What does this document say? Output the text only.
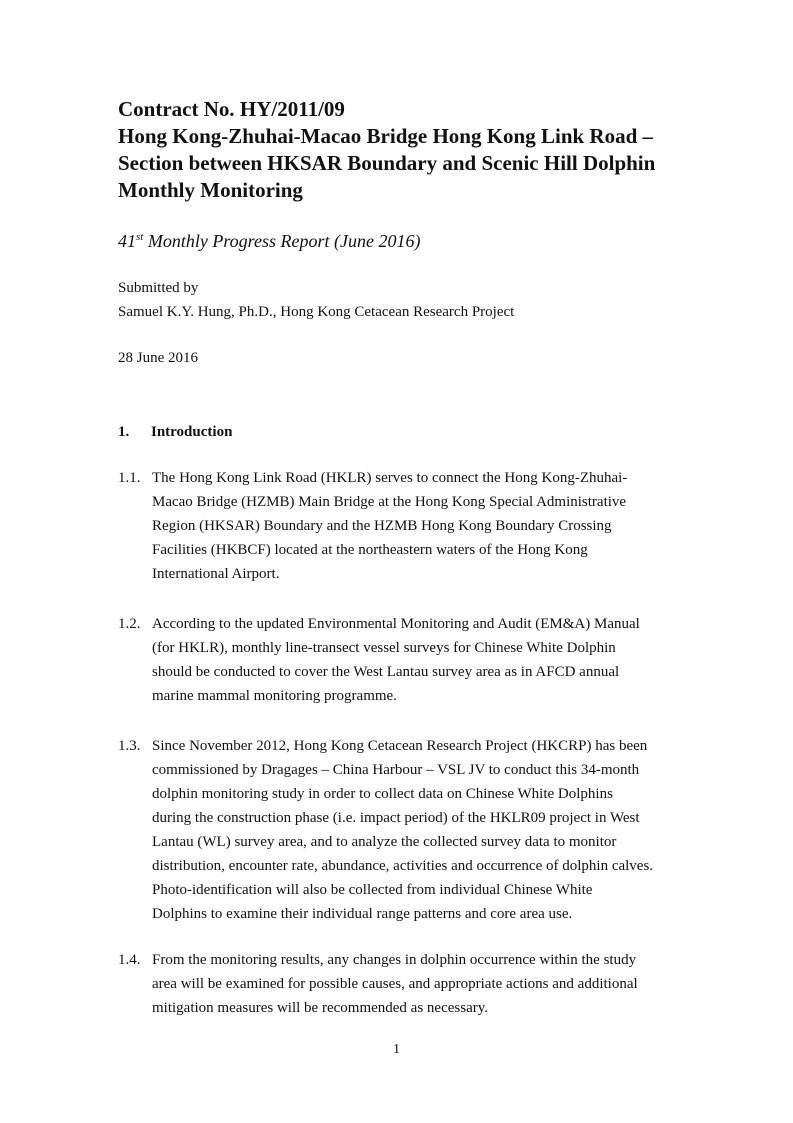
Contract No. HY/2011/09
Hong Kong-Zhuhai-Macao Bridge Hong Kong Link Road –
Section between HKSAR Boundary and Scenic Hill Dolphin
Monthly Monitoring
41st Monthly Progress Report (June 2016)
Submitted by
Samuel K.Y. Hung, Ph.D., Hong Kong Cetacean Research Project
28 June 2016
1. Introduction
1.1. The Hong Kong Link Road (HKLR) serves to connect the Hong Kong-Zhuhai-
Macao Bridge (HZMB) Main Bridge at the Hong Kong Special Administrative
Region (HKSAR) Boundary and the HZMB Hong Kong Boundary Crossing
Facilities (HKBCF) located at the northeastern waters of the Hong Kong
International Airport.
1.2. According to the updated Environmental Monitoring and Audit (EM&A) Manual
(for HKLR), monthly line-transect vessel surveys for Chinese White Dolphin
should be conducted to cover the West Lantau survey area as in AFCD annual
marine mammal monitoring programme.
1.3. Since November 2012, Hong Kong Cetacean Research Project (HKCRP) has been
commissioned by Dragages – China Harbour – VSL JV to conduct this 34-month
dolphin monitoring study in order to collect data on Chinese White Dolphins
during the construction phase (i.e. impact period) of the HKLR09 project in West
Lantau (WL) survey area, and to analyze the collected survey data to monitor
distribution, encounter rate, abundance, activities and occurrence of dolphin calves.
Photo-identification will also be collected from individual Chinese White
Dolphins to examine their individual range patterns and core area use.
1.4. From the monitoring results, any changes in dolphin occurrence within the study
area will be examined for possible causes, and appropriate actions and additional
mitigation measures will be recommended as necessary.
1
